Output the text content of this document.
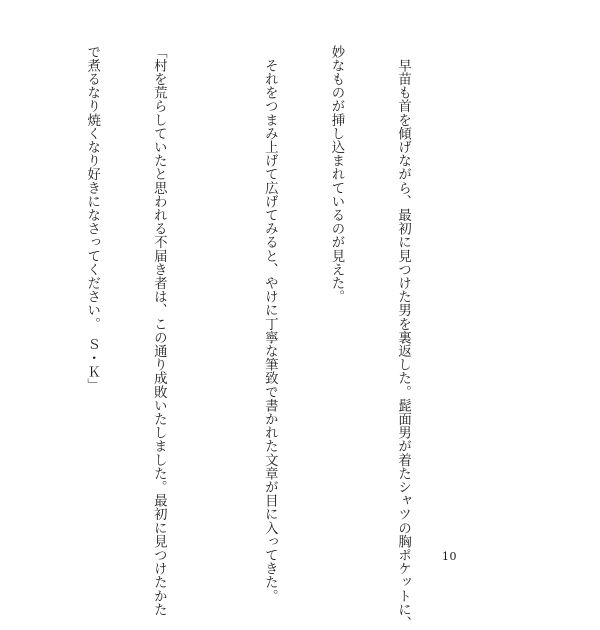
　早苗も首を傾げながら、最初に見つけた男を裏返した。髭面男が着たシャツの胸ポケットに、

妙なものが挿し込まれているのが見えた。

　それをつまみ上げて広げてみると、やけに丁寧な筆致で書かれた文章が目に入ってきた。

「村を荒らしていたと思われる不届き者は、この通り成敗いたしました。最初に見つけたかた

で煮るなり焼くなり好きになさってください。　Ｓ・Ｋ」

10
